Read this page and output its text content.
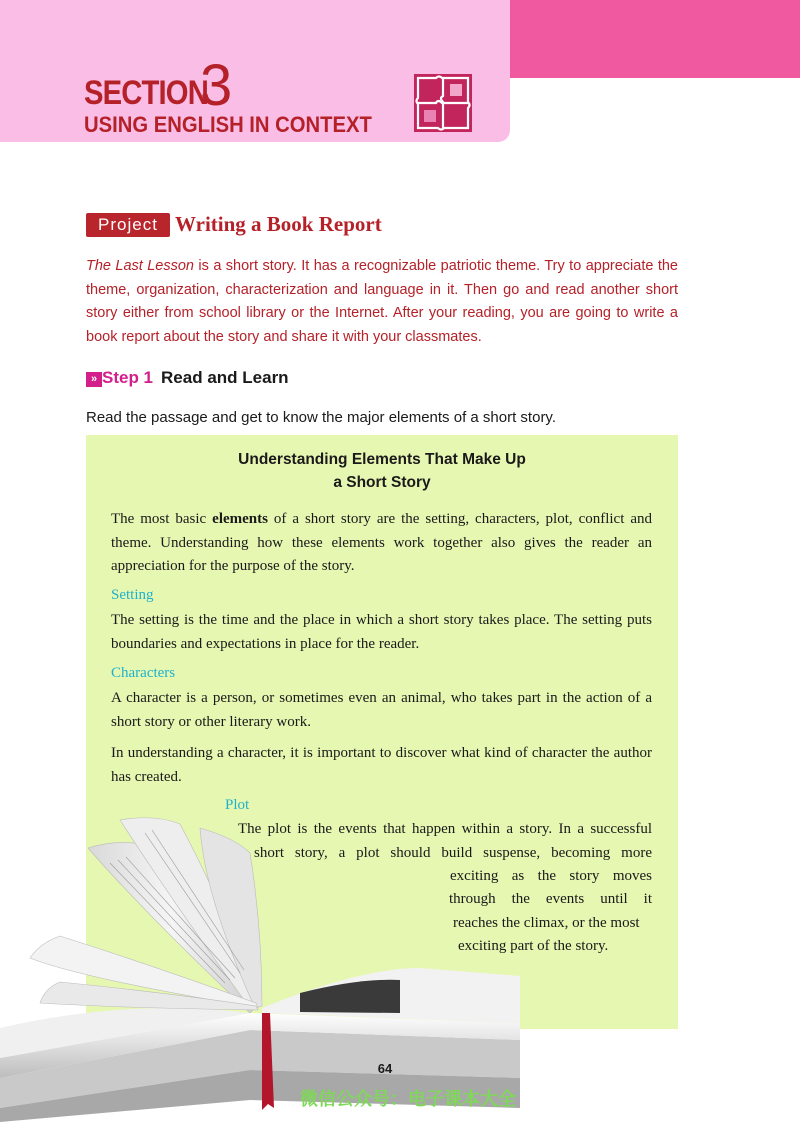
SECTION
3
USING ENGLISH IN CONTEXT
Project Writing a Book Report
The Last Lesson is a short story. It has a recognizable patriotic theme. Try to appreciate the theme, organization, characterization and language in it. Then go and read another short story either from school library or the Internet. After your reading, you are going to write a book report about the story and share it with your classmates.
» Step 1 Read and Learn
Read the passage and get to know the major elements of a short story.
Understanding Elements That Make Up
a Short Story
The most basic elements of a short story are the setting, characters, plot, conflict and theme. Understanding how these elements work together also gives the reader an appreciation for the purpose of the story.
Setting
The setting is the time and the place in which a short story takes place. The setting puts boundaries and expectations in place for the reader.
Characters
A character is a person, or sometimes even an animal, who takes part in the action of a short story or other literary work.
In understanding a character, it is important to discover what kind of character the author has created.
Plot
The plot is the events that happen within a story. In a successful
short story, a plot should build suspense, becoming more
exciting as the story moves
through the events until it
reaches the climax, or the most
exciting part of the story.
64
微信公众号：电子课本大全
